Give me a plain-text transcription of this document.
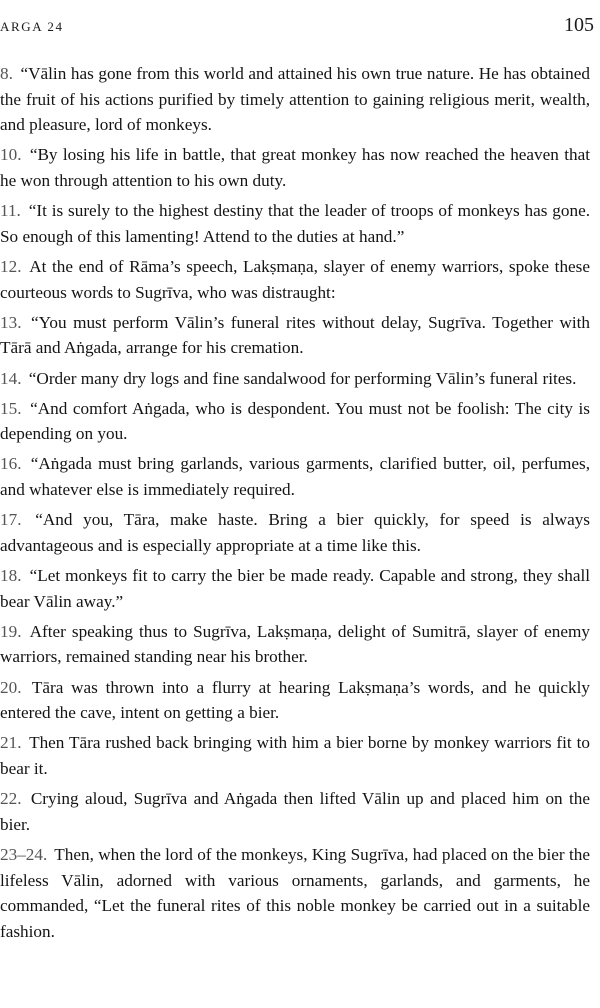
ARGA 24	105

8. “Vālin has gone from this world and attained his own true nature. He has obtained the fruit of his actions purified by timely attention to gaining religious merit, wealth, and pleasure, lord of monkeys.

10. “By losing his life in battle, that great monkey has now reached the heaven that he won through attention to his own duty.

11. “It is surely to the highest destiny that the leader of troops of monkeys has gone. So enough of this lamenting! Attend to the duties at hand.”

12. At the end of Rāma’s speech, Lakṣmaṇa, slayer of enemy warriors, spoke these courteous words to Sugrīva, who was distraught:

13. “You must perform Vālin’s funeral rites without delay, Sugrīva. Together with Tārā and Aṅgada, arrange for his cremation.

14. “Order many dry logs and fine sandalwood for performing Vālin’s funeral rites.

15. “And comfort Aṅgada, who is despondent. You must not be foolish: The city is depending on you.

16. “Aṅgada must bring garlands, various garments, clarified butter, oil, perfumes, and whatever else is immediately required.

17. “And you, Tāra, make haste. Bring a bier quickly, for speed is always advantageous and is especially appropriate at a time like this.

18. “Let monkeys fit to carry the bier be made ready. Capable and strong, they shall bear Vālin away.”

19. After speaking thus to Sugrīva, Lakṣmaṇa, delight of Sumitrā, slayer of enemy warriors, remained standing near his brother.

20. Tāra was thrown into a flurry at hearing Lakṣmaṇa’s words, and he quickly entered the cave, intent on getting a bier.

21. Then Tāra rushed back bringing with him a bier borne by monkey warriors fit to bear it.

22. Crying aloud, Sugrīva and Aṅgada then lifted Vālin up and placed him on the bier.

23–24. Then, when the lord of the monkeys, King Sugrīva, had placed on the bier the lifeless Vālin, adorned with various ornaments, garlands, and garments, he commanded, “Let the funeral rites of this noble monkey be carried out in a suitable fashion.
